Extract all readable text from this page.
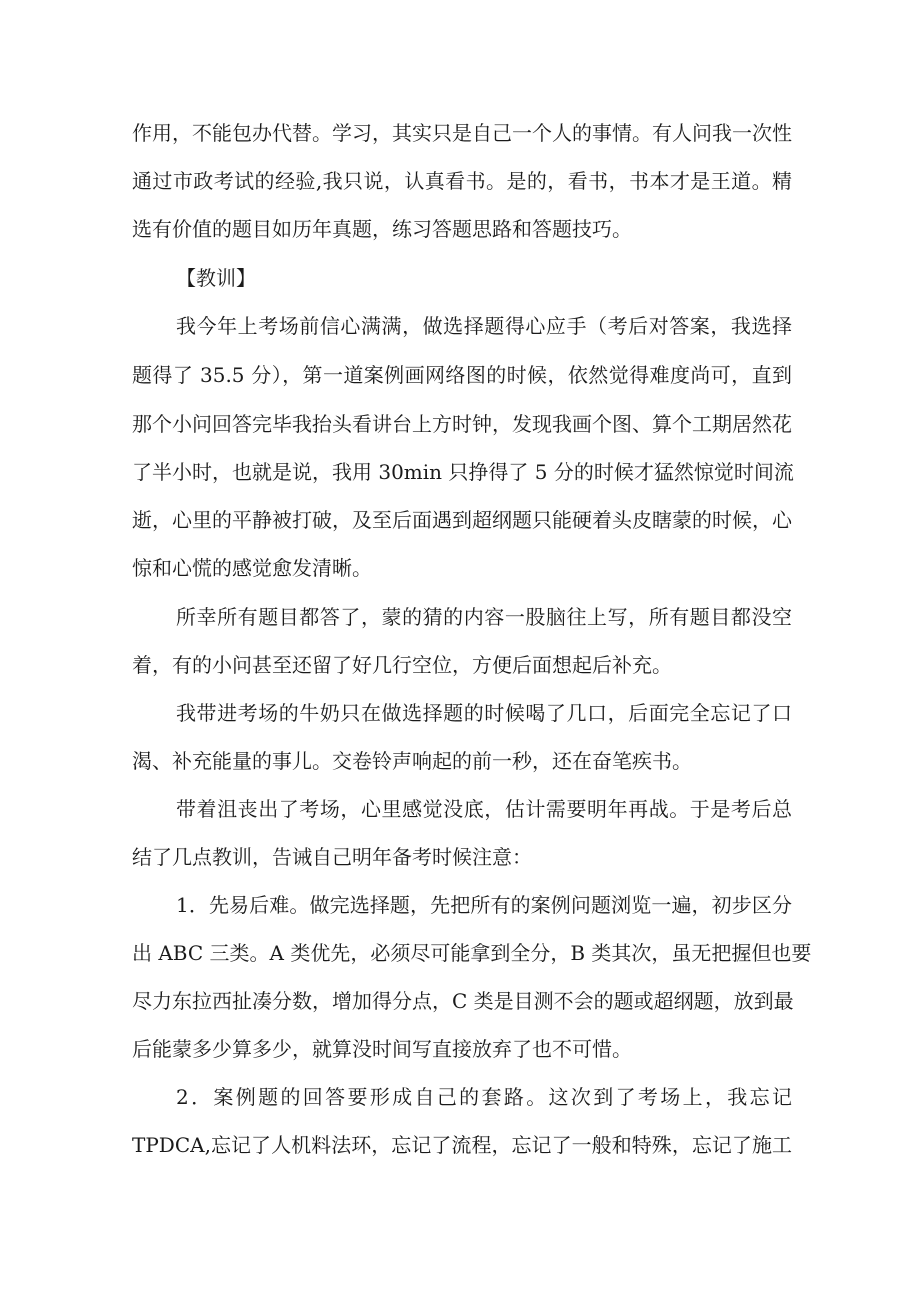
作用，不能包办代替。学习，其实只是自己一个人的事情。有人问我一次性
通过市政考试的经验,我只说，认真看书。是的，看书，书本才是王道。精
选有价值的题目如历年真题，练习答题思路和答题技巧。
【教训】
我今年上考场前信心满满，做选择题得心应手（考后对答案，我选择
题得了 35.5 分），第一道案例画网络图的时候，依然觉得难度尚可，直到
那个小问回答完毕我抬头看讲台上方时钟，发现我画个图、算个工期居然花
了半小时，也就是说，我用 30min 只挣得了 5 分的时候才猛然惊觉时间流
逝，心里的平静被打破，及至后面遇到超纲题只能硬着头皮瞎蒙的时候，心
惊和心慌的感觉愈发清晰。
所幸所有题目都答了，蒙的猜的内容一股脑往上写，所有题目都没空
着，有的小问甚至还留了好几行空位，方便后面想起后补充。
我带进考场的牛奶只在做选择题的时候喝了几口，后面完全忘记了口
渴、补充能量的事儿。交卷铃声响起的前一秒，还在奋笔疾书。
带着沮丧出了考场，心里感觉没底，估计需要明年再战。于是考后总
结了几点教训，告诫自己明年备考时候注意：
1．先易后难。做完选择题，先把所有的案例问题浏览一遍，初步区分
出 ABC 三类。A 类优先，必须尽可能拿到全分，B 类其次，虽无把握但也要
尽力东拉西扯凑分数，增加得分点，C 类是目测不会的题或超纲题，放到最
后能蒙多少算多少，就算没时间写直接放弃了也不可惜。
2．案例题的回答要形成自己的套路。这次到了考场上，我忘记
TPDCA,忘记了人机料法环，忘记了流程，忘记了一般和特殊，忘记了施工
